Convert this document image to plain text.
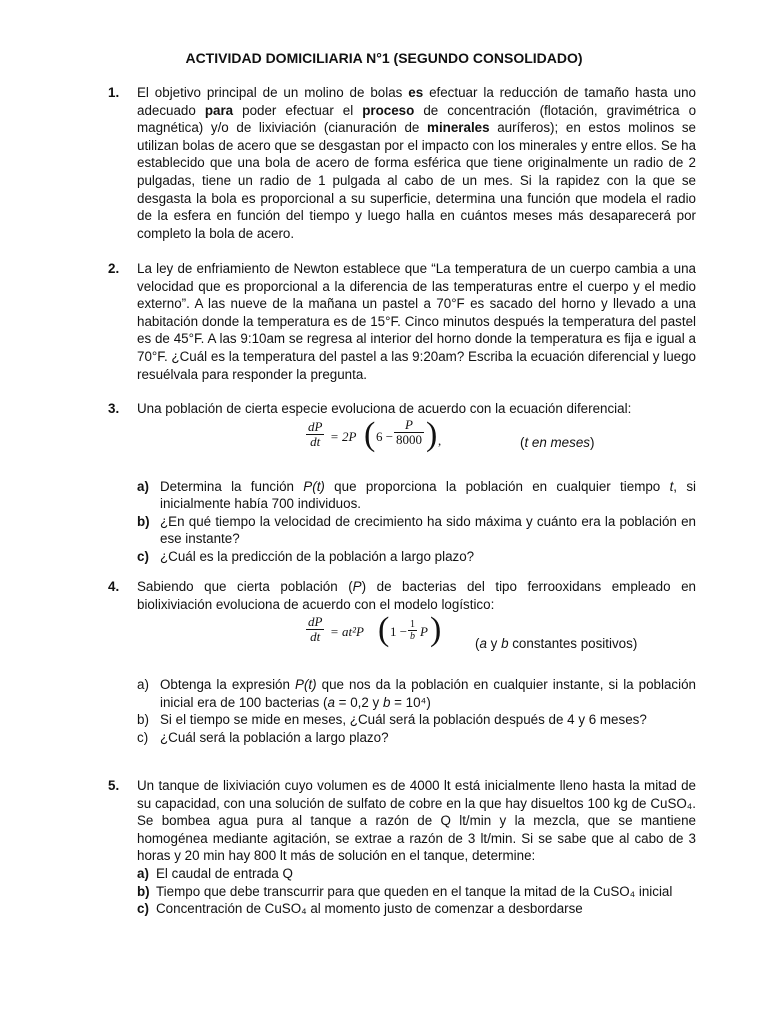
ACTIVIDAD DOMICILIARIA N°1 (SEGUNDO CONSOLIDADO)
1. El objetivo principal de un molino de bolas es efectuar la reducción de tamaño hasta uno adecuado para poder efectuar el proceso de concentración (flotación, gravimétrica o magnética) y/o de lixiviación (cianuración de minerales auríferos); en estos molinos se utilizan bolas de acero que se desgastan por el impacto con los minerales y entre ellos. Se ha establecido que una bola de acero de forma esférica que tiene originalmente un radio de 2 pulgadas, tiene un radio de 1 pulgada al cabo de un mes. Si la rapidez con la que se desgasta la bola es proporcional a su superficie, determina una función que modela el radio de la esfera en función del tiempo y luego halla en cuántos meses más desaparecerá por completo la bola de acero.
2. La ley de enfriamiento de Newton establece que “La temperatura de un cuerpo cambia a una velocidad que es proporcional a la diferencia de las temperaturas entre el cuerpo y el medio externo”. A las nueve de la mañana un pastel a 70°F es sacado del horno y llevado a una habitación donde la temperatura es de 15°F. Cinco minutos después la temperatura del pastel es de 45°F. A las 9:10am se regresa al interior del horno donde la temperatura es fija e igual a 70°F. ¿Cuál es la temperatura del pastel a las 9:20am? Escriba la ecuación diferencial y luego resuélvala para responder la pregunta.
3. Una población de cierta especie evoluciona de acuerdo con la ecuación diferencial:
$\frac{dP}{dt} = 2P$ ( $6 - \frac{P}{8000}$ ) ,	(t en meses)
a) Determina la función P(t) que proporciona la población en cualquier tiempo t, si inicialmente había 700 individuos.
b) ¿En qué tiempo la velocidad de crecimiento ha sido máxima y cuánto era la población en ese instante?
c) ¿Cuál es la predicción de la población a largo plazo?
4. Sabiendo que cierta población (P) de bacterias del tipo ferrooxidans empleado en biolixiviación evoluciona de acuerdo con el modelo logístico:
$\frac{dP}{dt} = at^2P$ ( $1 - \frac{1}{b}$ P )	(a y b constantes positivos)
a) Obtenga la expresión P(t) que nos da la población en cualquier instante, si la población inicial era de 100 bacterias (a = 0,2 y b = 10⁴)
b) Si el tiempo se mide en meses, ¿Cuál será la población después de 4 y 6 meses?
c) ¿Cuál será la población a largo plazo?
5. Un tanque de lixiviación cuyo volumen es de 4000 lt está inicialmente lleno hasta la mitad de su capacidad, con una solución de sulfato de cobre en la que hay disueltos 100 kg de CuSO₄. Se bombea agua pura al tanque a razón de Q lt/min y la mezcla, que se mantiene homogénea mediante agitación, se extrae a razón de 3 lt/min. Si se sabe que al cabo de 3 horas y 20 min hay 800 lt más de solución en el tanque, determine:
a) El caudal de entrada Q
b) Tiempo que debe transcurrir para que queden en el tanque la mitad de la CuSO₄ inicial
c) Concentración de CuSO₄ al momento justo de comenzar a desbordarse
